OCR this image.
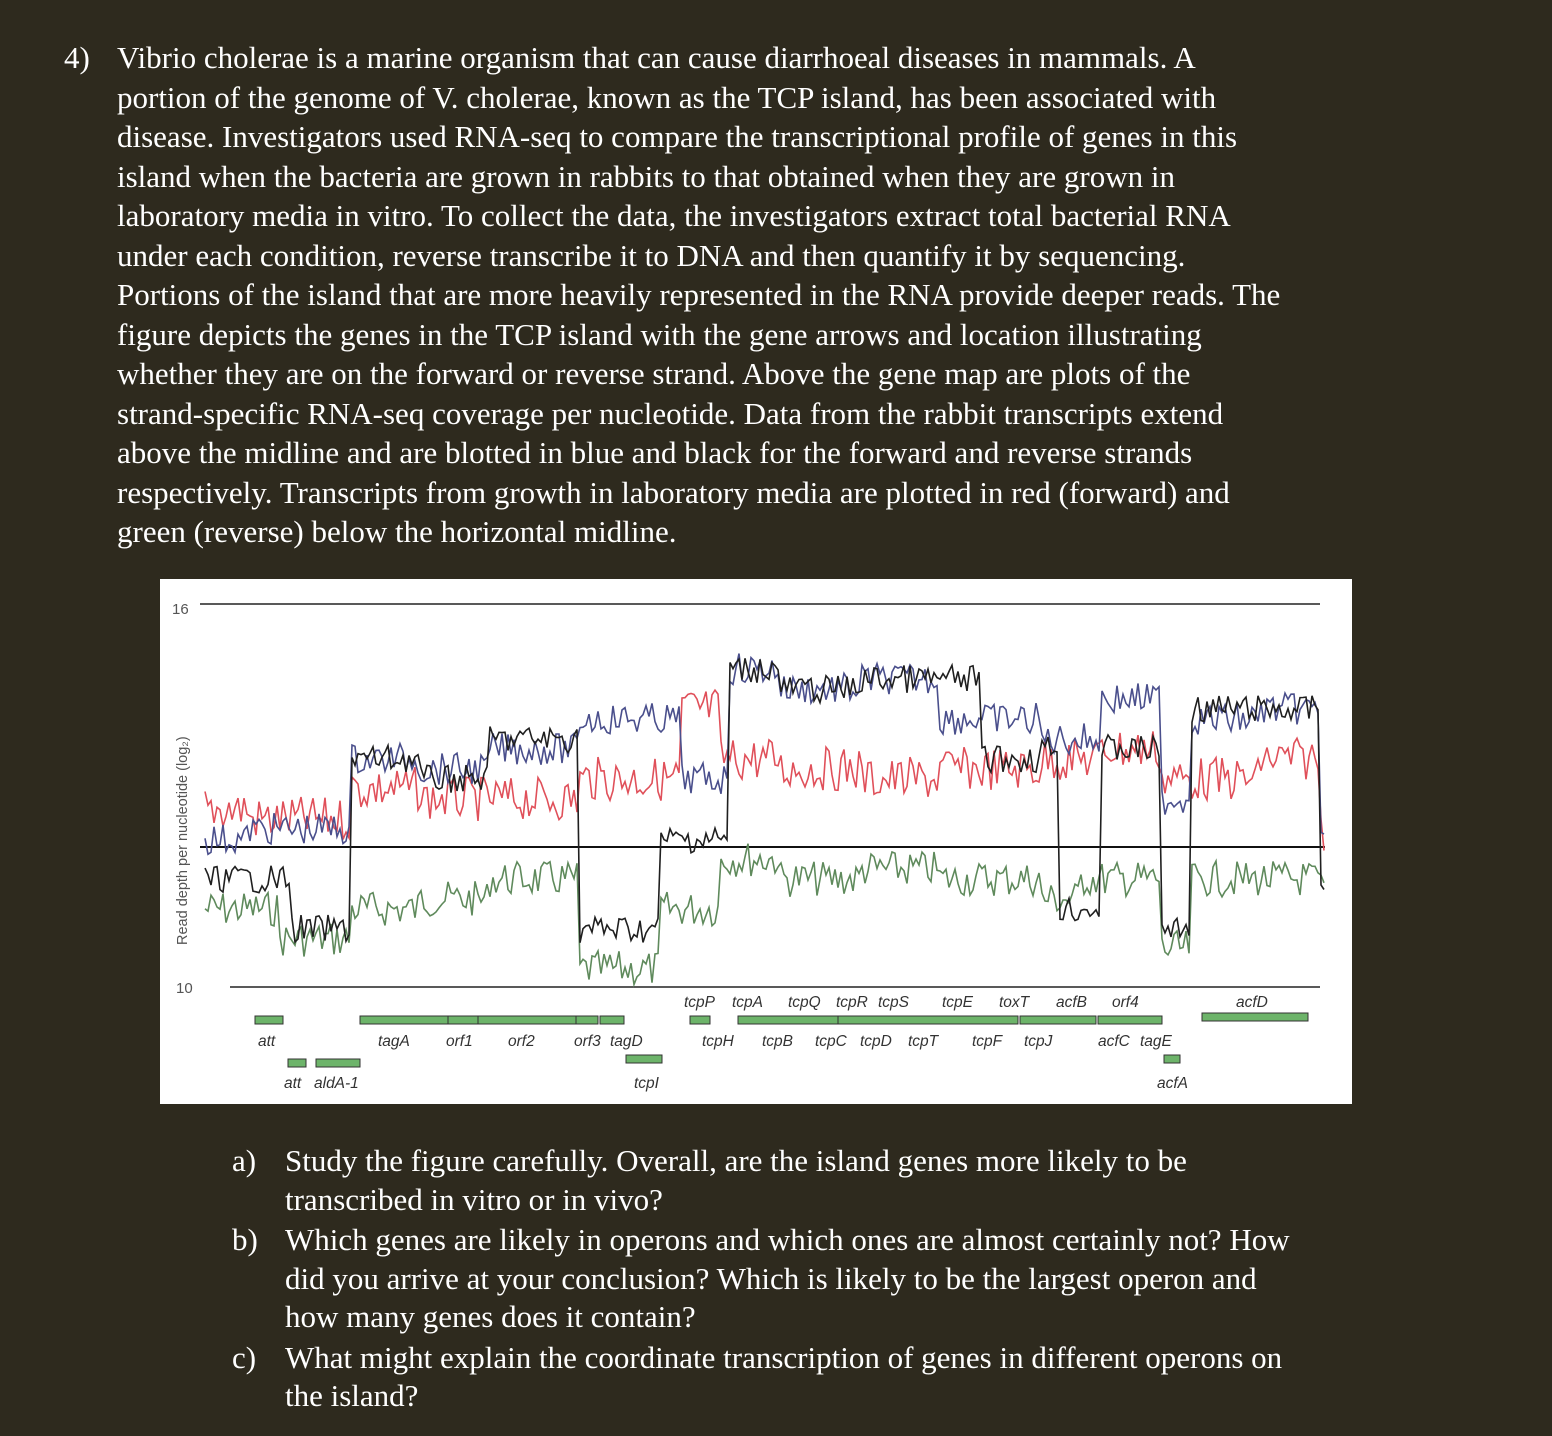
4) Vibrio cholerae is a marine organism that can cause diarrhoeal diseases in mammals. A
portion of the genome of V. cholerae, known as the TCP island, has been associated with
disease. Investigators used RNA-seq to compare the transcriptional profile of genes in this
island when the bacteria are grown in rabbits to that obtained when they are grown in
laboratory media in vitro. To collect the data, the investigators extract total bacterial RNA
under each condition, reverse transcribe it to DNA and then quantify it by sequencing.
Portions of the island that are more heavily represented in the RNA provide deeper reads. The
figure depicts the genes in the TCP island with the gene arrows and location illustrating
whether they are on the forward or reverse strand. Above the gene map are plots of the
strand-specific RNA-seq coverage per nucleotide. Data from the rabbit transcripts extend
above the midline and are blotted in blue and black for the forward and reverse strands
respectively. Transcripts from growth in laboratory media are plotted in red (forward) and
green (reverse) below the horizontal midline.
16
10
Read depth per nucleotide (log₂)
tcpP tcpA tcpQ tcpR tcpS tcpE toxT acfB orf4	acfD
att	tagA orf1 orf2	orf3 tagD	tcpH tcpB tcpC tcpD tcpT tcpF tcpJ	acfC tagE
att aldA-1	tcpI	acfA
a) Study the figure carefully. Overall, are the island genes more likely to be
transcribed in vitro or in vivo?
b) Which genes are likely in operons and which ones are almost certainly not? How
did you arrive at your conclusion? Which is likely to be the largest operon and
how many genes does it contain?
c) What might explain the coordinate transcription of genes in different operons on
the island?
